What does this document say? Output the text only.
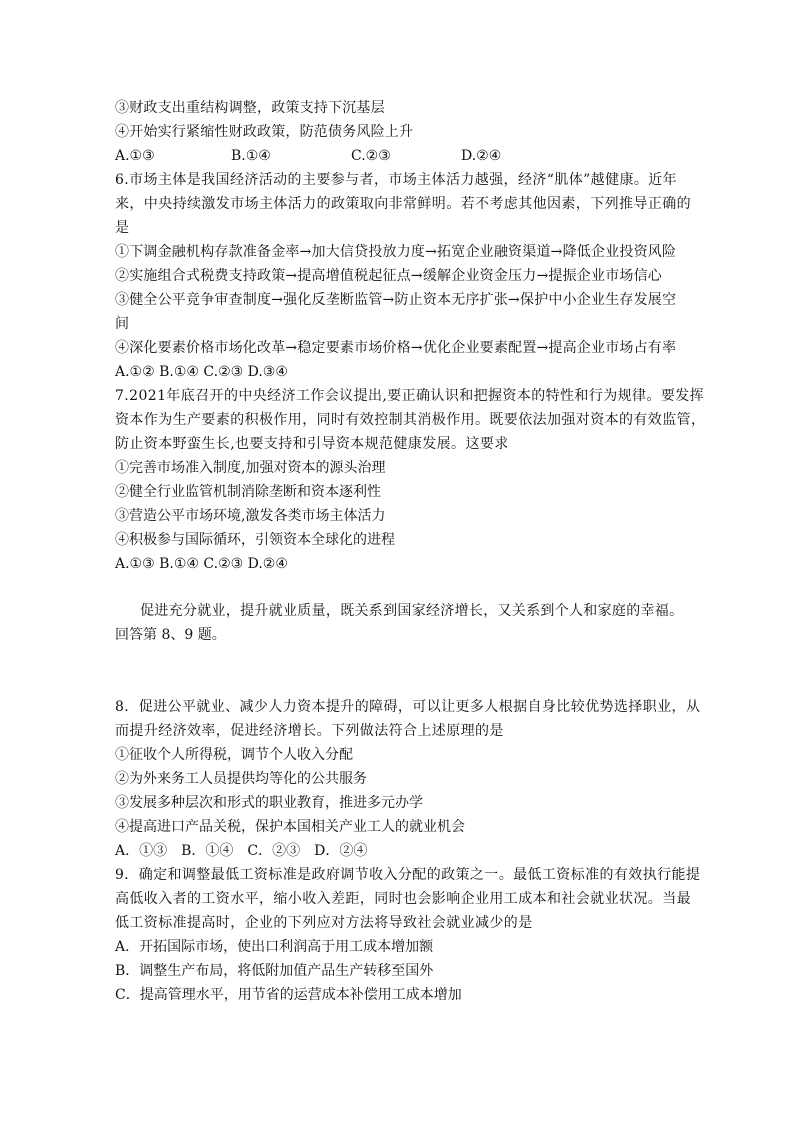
③财政支出重结构调整，政策支持下沉基层
④开始实行紧缩性财政政策，防范债务风险上升
A.①③	B.①④	C.②③	D.②④
6.市场主体是我国经济活动的主要参与者，市场主体活力越强，经济“肌体”越健康。近年
来，中央持续激发市场主体活力的政策取向非常鲜明。若不考虑其他因素，下列推导正确的
是
①下调金融机构存款准备金率→加大信贷投放力度→拓宽企业融资渠道→降低企业投资风险
②实施组合式税费支持政策→提高增值税起征点→缓解企业资金压力→提振企业市场信心
③健全公平竞争审查制度→强化反垄断监管→防止资本无序扩张→保护中小企业生存发展空
间
④深化要素价格市场化改革→稳定要素市场价格→优化企业要素配置→提高企业市场占有率
A.①② B.①④ C.②③ D.③④
7.2021年底召开的中央经济工作会议提出,要正确认识和把握资本的特性和行为规律。要发挥
资本作为生产要素的积极作用，同时有效控制其消极作用。既要依法加强对资本的有效监管，
防止资本野蛮生长,也要支持和引导资本规范健康发展。这要求
①完善市场准入制度,加强对资本的源头治理
②健全行业监管机制消除垄断和资本逐利性
③营造公平市场环境,激发各类市场主体活力
④积极参与国际循环，引领资本全球化的进程
A.①③ B.①④ C.②③ D.②④
促进充分就业，提升就业质量，既关系到国家经济增长，又关系到个人和家庭的幸福。
回答第 8、9 题。
8．促进公平就业、减少人力资本提升的障碍，可以让更多人根据自身比较优势选择职业，从
而提升经济效率，促进经济增长。下列做法符合上述原理的是
①征收个人所得税，调节个人收入分配
②为外来务工人员提供均等化的公共服务
③发展多种层次和形式的职业教育，推进多元办学
④提高进口产品关税，保护本国相关产业工人的就业机会
A．①③　B．①④　C．②③　D．②④
9．确定和调整最低工资标准是政府调节收入分配的政策之一。最低工资标准的有效执行能提
高低收入者的工资水平，缩小收入差距，同时也会影响企业用工成本和社会就业状况。当最
低工资标准提高时，企业的下列应对方法将导致社会就业减少的是
A．开拓国际市场，使出口利润高于用工成本增加额
B．调整生产布局，将低附加值产品生产转移至国外
C．提高管理水平，用节省的运营成本补偿用工成本增加
